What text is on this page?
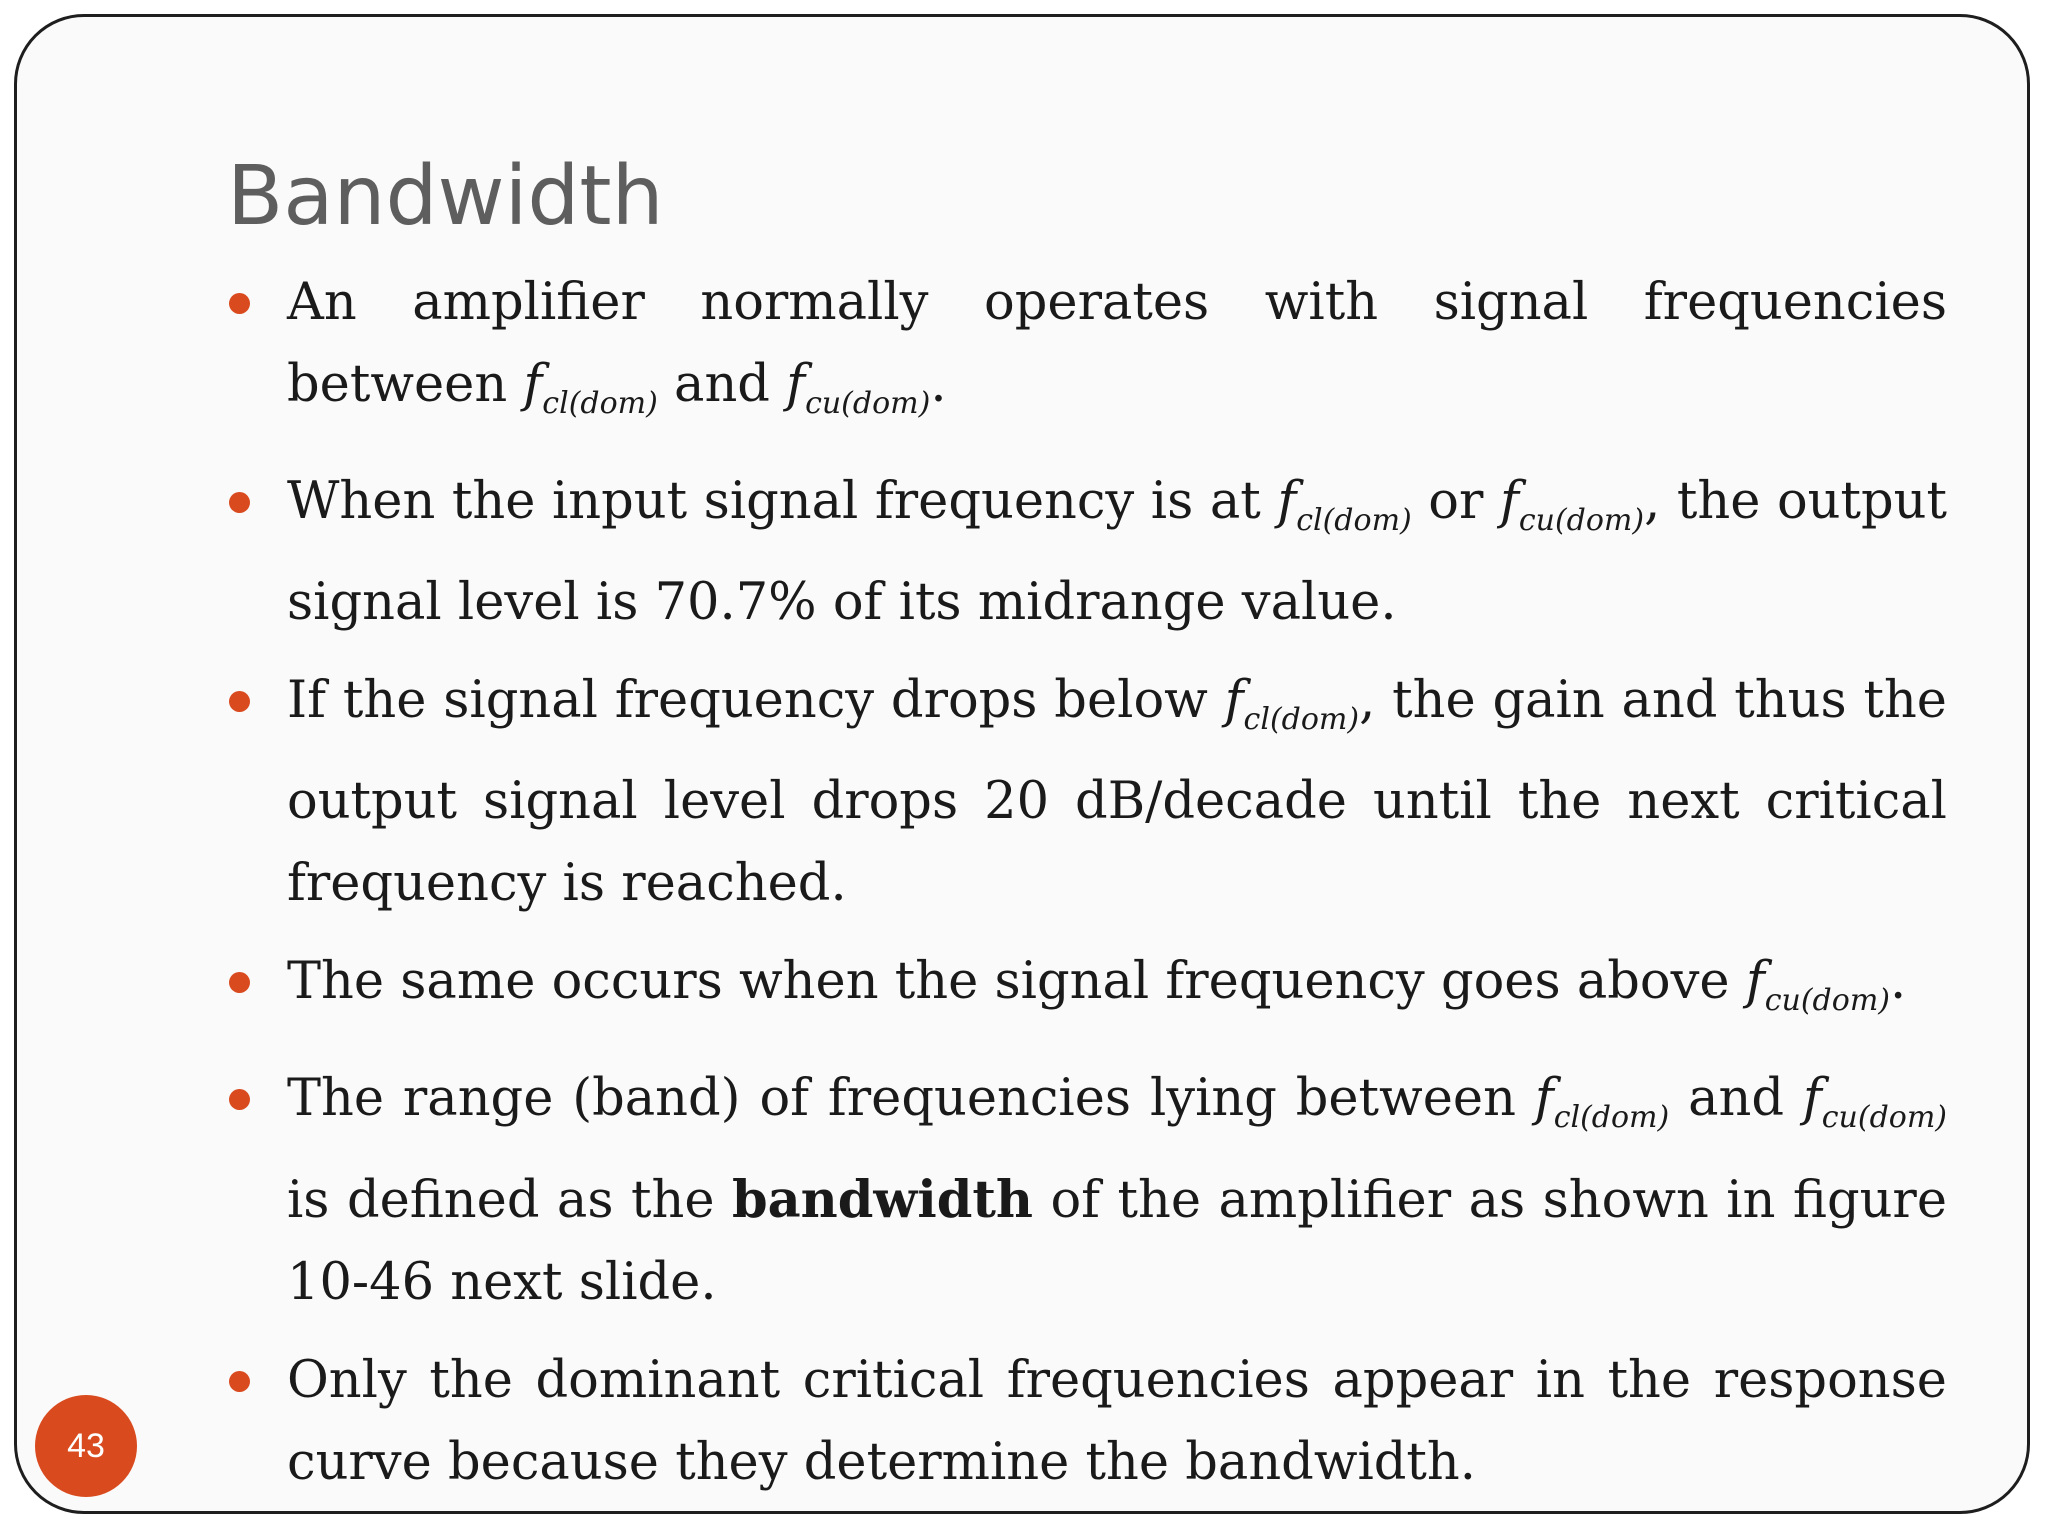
Bandwidth
An amplifier normally operates with signal frequencies between $f_{cl(dom)}$ and $f_{cu(dom)}$.
When the input signal frequency is at $f_{cl(dom)}$ or $f_{cu(dom)}$, the output signal level is 70.7% of its midrange value.
If the signal frequency drops below $f_{cl(dom)}$, the gain and thus the output signal level drops 20 dB/decade until the next critical frequency is reached.
The same occurs when the signal frequency goes above $f_{cu(dom)}$.
The range (band) of frequencies lying between $f_{cl(dom)}$ and $f_{cu(dom)}$ is defined as the bandwidth of the amplifier as shown in figure 10-46 next slide.
Only the dominant critical frequencies appear in the response curve because they determine the bandwidth.
43
